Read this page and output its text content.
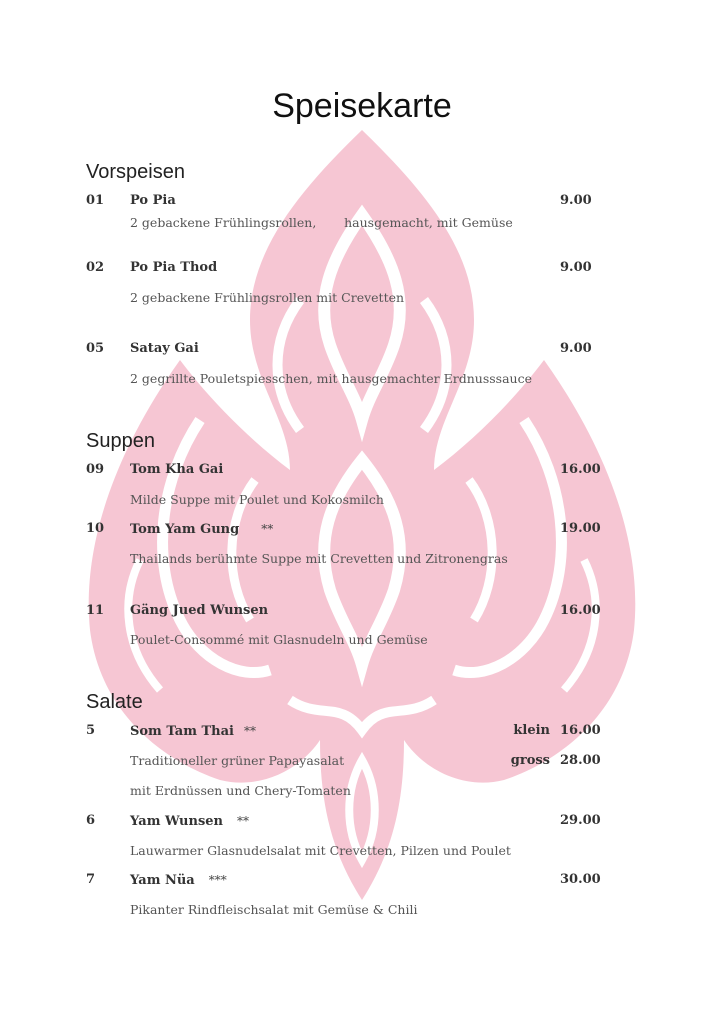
Speisekarte
Vorspeisen
01 Po Pia	9.00
2 gebackene Frühlingsrollen,       hausgemacht, mit Gemüse
02 Po Pia Thod	9.00
2 gebackene Frühlingsrollen mit Crevetten
05 Satay Gai	9.00
2 gegrillte Pouletspiesschen, mit hausgemachter Erdnusssauce
Suppen
09 Tom Kha Gai	16.00
Milde Suppe mit Poulet und Kokosmilch
10 Tom Yam Gung **	19.00
Thailands berühmte Suppe mit Crevetten und Zitronengras
11 Gäng Jued Wunsen	16.00
Poulet-Consommé mit Glasnudeln und Gemüse
Salate
5	Som Tam Thai **	klein 16.00
Traditioneller grüner Papayasalat	gross 28.00
mit Erdnüssen und Chery-Tomaten
6	Yam Wunsen **	29.00
Lauwarmer Glasnudelsalat mit Crevetten, Pilzen und Poulet
7	Yam Nüa ***	30.00
Pikanter Rindfleischsalat mit Gemüse & Chili
